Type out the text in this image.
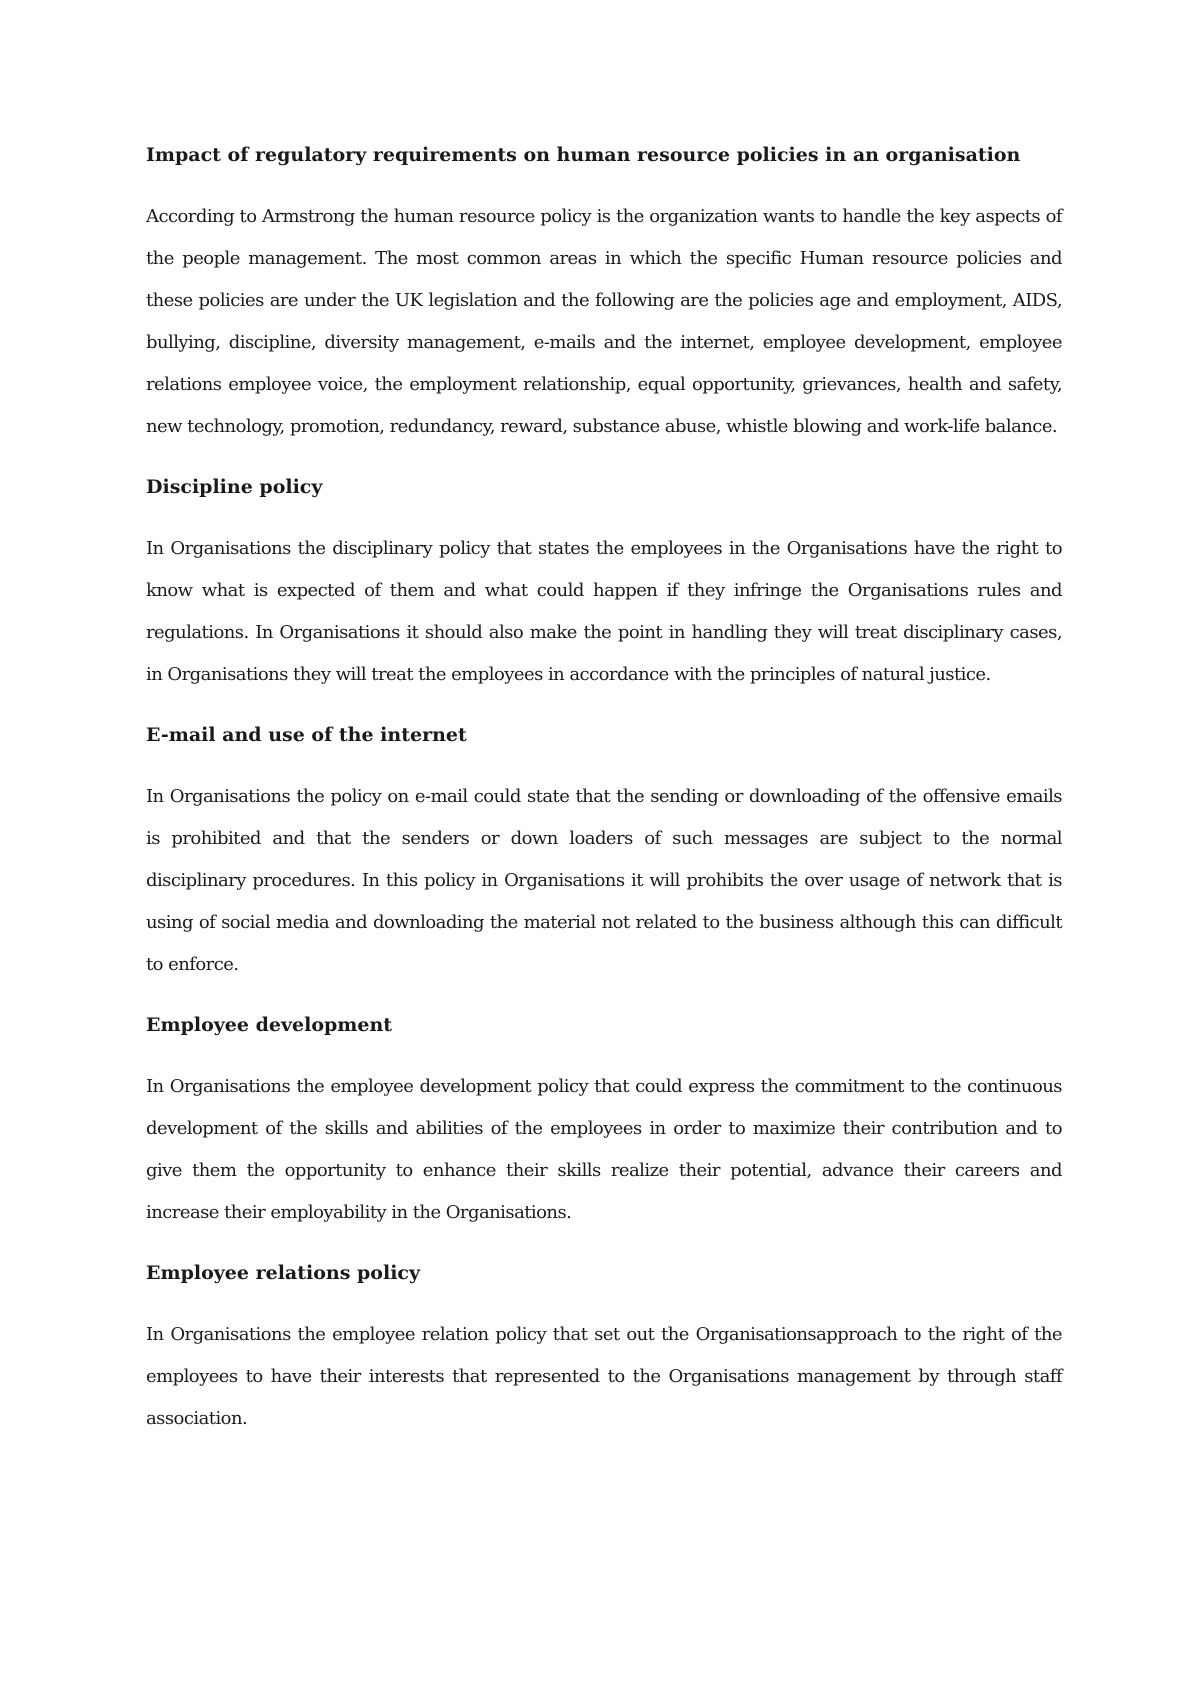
Impact of regulatory requirements on human resource policies in an organisation

According to Armstrong the human resource policy is the organization wants to handle the key aspects of the people management. The most common areas in which the specific Human resource policies and these policies are under the UK legislation and the following are the policies age and employment, AIDS, bullying, discipline, diversity management, e-mails and the internet, employee development, employee relations employee voice, the employment relationship, equal opportunity, grievances, health and safety, new technology, promotion, redundancy, reward, substance abuse, whistle blowing and work-life balance.

Discipline policy

In Organisations the disciplinary policy that states the employees in the Organisations have the right to know what is expected of them and what could happen if they infringe the Organisations rules and regulations. In Organisations it should also make the point in handling they will treat disciplinary cases, in Organisations they will treat the employees in accordance with the principles of natural justice.

E-mail and use of the internet

In Organisations the policy on e-mail could state that the sending or downloading of the offensive emails is prohibited and that the senders or down loaders of such messages are subject to the normal disciplinary procedures. In this policy in Organisations it will prohibits the over usage of network that is using of social media and downloading the material not related to the business although this can difficult to enforce.

Employee development

In Organisations the employee development policy that could express the commitment to the continuous development of the skills and abilities of the employees in order to maximize their contribution and to give them the opportunity to enhance their skills realize their potential, advance their careers and increase their employability in the Organisations.

Employee relations policy

In Organisations the employee relation policy that set out the Organisationsapproach to the right of the employees to have their interests that represented to the Organisations management by through staff association.
